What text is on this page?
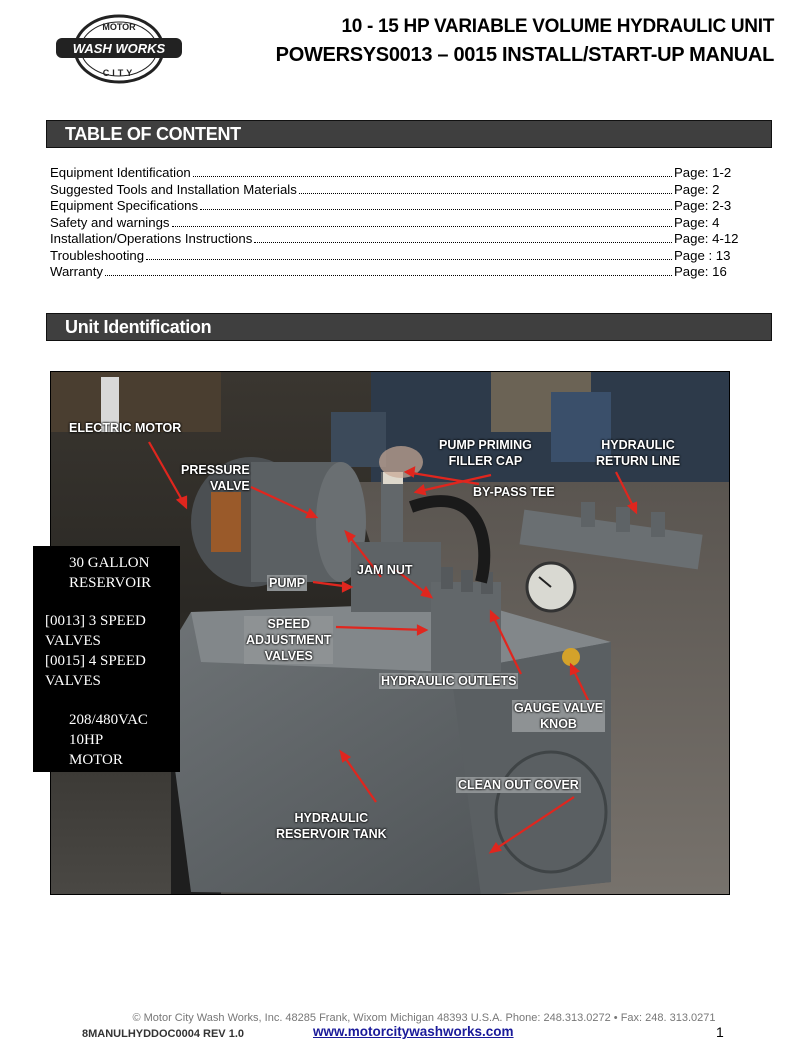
MOTOR
WASH WORKS
CITY
10 - 15 HP VARIABLE VOLUME HYDRAULIC UNIT
POWERSYS0013 – 0015 INSTALL/START-UP MANUAL
TABLE OF CONTENT
Equipment Identification	Page: 1-2
Suggested Tools and Installation Materials	Page: 2
Equipment Specifications	Page: 2-3
Safety and warnings	Page: 4
Installation/Operations Instructions	Page: 4-12
Troubleshooting	Page : 13
Warranty	Page: 16
Unit Identification
ELECTRIC MOTOR
PRESSURE
VALVE
PUMP PRIMING
FILLER CAP
HYDRAULIC
RETURN LINE
BY-PASS TEE
JAM NUT
PUMP
SPEED
ADJUSTMENT
VALVES
HYDRAULIC OUTLETS
GAUGE VALVE
KNOB
CLEAN OUT COVER
HYDRAULIC
RESERVOIR TANK
30 GALLON
RESERVOIR
[0013] 3 SPEED
VALVES
[0015] 4 SPEED
VALVES
208/480VAC
10HP
MOTOR
© Motor City Wash Works, Inc. 48285 Frank, Wixom Michigan 48393 U.S.A. Phone: 248.313.0272 • Fax: 248. 313.0271
8MANULHYDDOC0004 REV 1.0	www.motorcitywashworks.com	1
